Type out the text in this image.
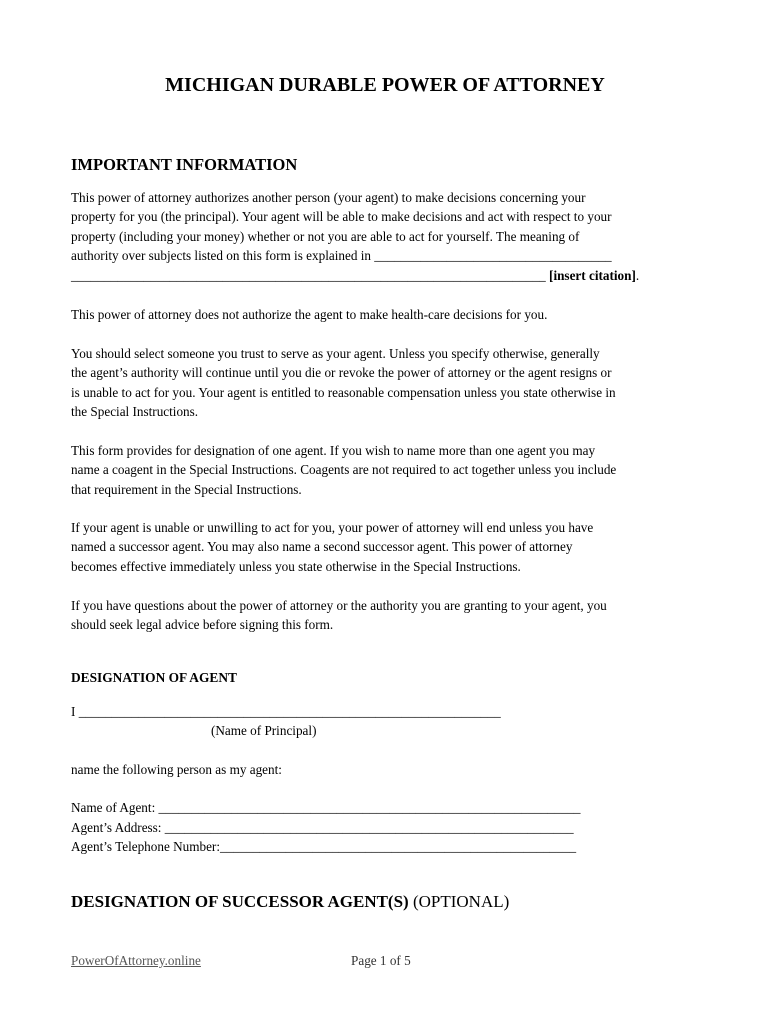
MICHIGAN DURABLE POWER OF ATTORNEY
IMPORTANT INFORMATION

This power of attorney authorizes another person (your agent) to make decisions concerning your
property for you (the principal). Your agent will be able to make decisions and act with respect to your
property (including your money) whether or not you are able to act for yourself. The meaning of
authority over subjects listed on this form is explained in ____________________________________
________________________________________________________________________ [insert citation].

This power of attorney does not authorize the agent to make health-care decisions for you.

You should select someone you trust to serve as your agent. Unless you specify otherwise, generally
the agent’s authority will continue until you die or revoke the power of attorney or the agent resigns or
is unable to act for you. Your agent is entitled to reasonable compensation unless you state otherwise in
the Special Instructions.

This form provides for designation of one agent. If you wish to name more than one agent you may
name a coagent in the Special Instructions. Coagents are not required to act together unless you include
that requirement in the Special Instructions.

If your agent is unable or unwilling to act for you, your power of attorney will end unless you have
named a successor agent. You may also name a second successor agent. This power of attorney
becomes effective immediately unless you state otherwise in the Special Instructions.

If you have questions about the power of attorney or the authority you are granting to your agent, you
should seek legal advice before signing this form.

DESIGNATION OF AGENT
I ________________________________________________________________
(Name of Principal)
name the following person as my agent:
Name of Agent: ________________________________________________________________
Agent’s Address: ______________________________________________________________
Agent’s Telephone Number:______________________________________________________
DESIGNATION OF SUCCESSOR AGENT(S) (OPTIONAL)
PowerOfAttorney.online	Page 1 of 5
